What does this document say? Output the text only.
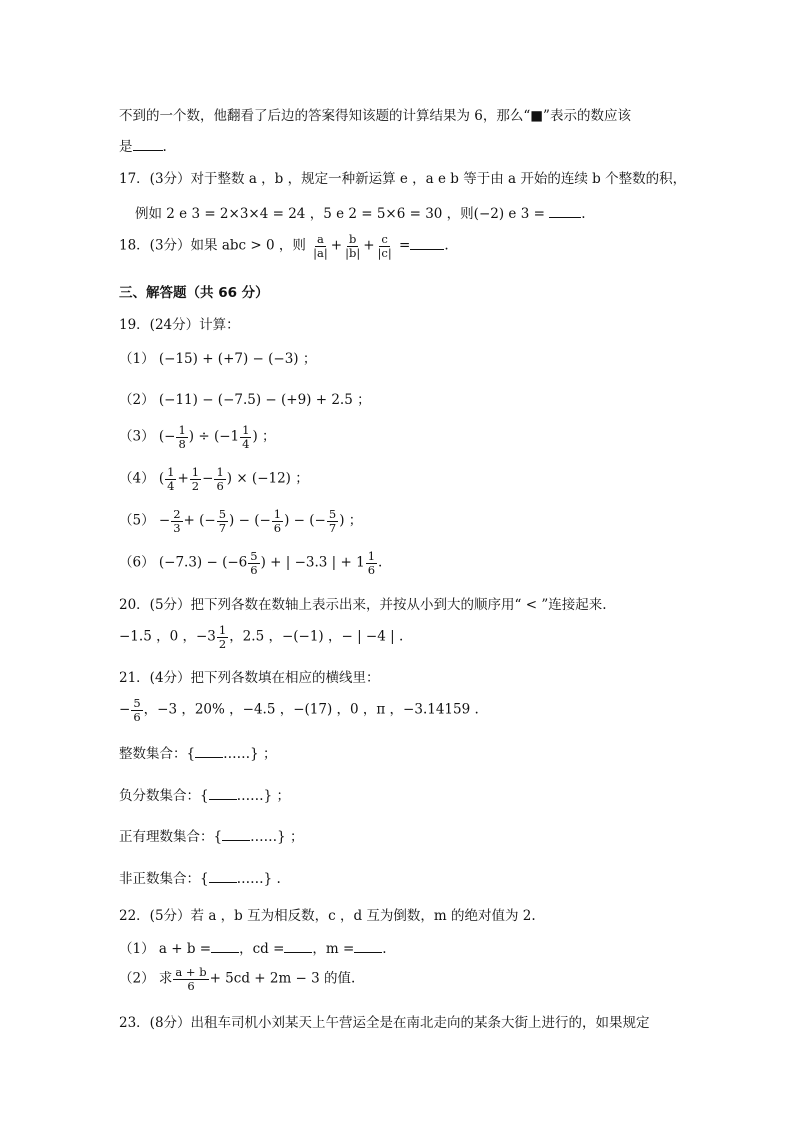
不到的一个数，他翻看了后边的答案得知该题的计算结果为 6，那么“■”表示的数应该
是 .
17．(3分）对于整数 a ，b ，规定一种新运算 e ，a e b 等于由 a 开始的连续 b 个整数的积，
例如 2 e 3 = 2×3×4 = 24 ，5 e 2 = 5×6 = 30 ，则(−2) e 3 =	.
18．(3分）如果 abc > 0 ，则 $\frac{a}{|a|} + \frac{b}{|b|} + \frac{c}{|c|}$ =	.
三、解答题（共 66 分）
19．(24分）计算：
（1） (−15) + (+7) − (−3) ；
（2） (−11) − (−7.5) − (+9) + 2.5 ；
（3） (− $\frac{1}{8}$ ) ÷ ($-1 \frac{1}{4}$ ) ；
（4） ( $\frac{1}{4} + \frac{1}{2} - \frac{1}{6}$ ) × (−12) ；
$(5) - \frac{2}{3}$ + (− $\frac{5}{7}$ ) − (− $\frac{1}{6}$ ) − (− $\frac{5}{7}$ ) ；
（6） $(-7.3) - (-6 \frac{5}{6}$ ) + | −3.3 | + $1 \frac{1}{6}$ .
20．(5分）把下列各数在数轴上表示出来，并按从小到大的顺序用“ < ”连接起来.
−1.5 ，0 ，$-3 \frac{1}{2}$ ，2.5 ，−(−1) ，− | −4 | .
21．(4分）把下列各数填在相应的横线里：
− $\frac{5}{6}$ ，−3 ，20% ，−4.5 ，−(17) ，0 ，π ，−3.14159 .
整数集合：{ ……} ；
负分数集合：{ ……} ；
正有理数集合：{ ……} ；
非正数集合：{ ……} .
22．(5分）若 a ，b 互为相反数，c ，d 互为倒数，m 的绝对值为 2.
（1） a + b = ，cd = ，m = .
（2） 求 $\frac{a + b}{6} + 5cd + 2m - 3$ 的值.
23．(8分）出租车司机小刘某天上午营运全是在南北走向的某条大街上进行的，如果规定
